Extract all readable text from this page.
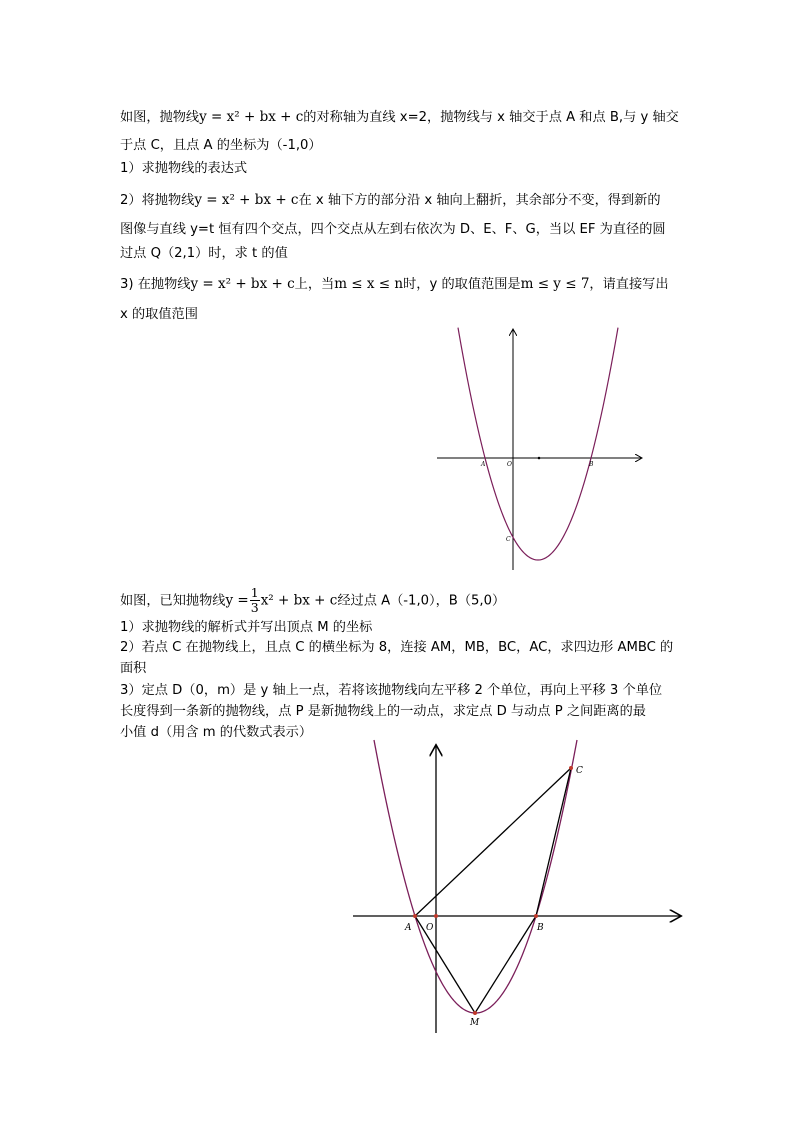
如图，抛物线y = x² + bx + c的对称轴为直线 x=2，抛物线与 x 轴交于点 A 和点 B,与 y 轴交
于点 C，且点 A 的坐标为（-1,0）
1）求抛物线的表达式
2）将抛物线y = x² + bx + c在 x 轴下方的部分沿 x 轴向上翻折，其余部分不变，得到新的
图像与直线 y=t 恒有四个交点，四个交点从左到右依次为 D、E、F、G，当以 EF 为直径的圆
过点 Q（2,1）时，求 t 的值
3) 在抛物线y = x² + bx + c上，当m ≤ x ≤ n时，y 的取值范围是m ≤ y ≤ 7，请直接写出
x 的取值范围
A	O	B
C
如图，已知抛物线$y = \frac{1}{3} x^2$ + bx + c经过点 A（-1,0），B（5,0）
1）求抛物线的解析式并写出顶点 M 的坐标
2）若点 C 在抛物线上，且点 C 的横坐标为 8，连接 AM，MB，BC，AC，求四边形 AMBC 的
面积
3）定点 D（0，m）是 y 轴上一点，若将该抛物线向左平移 2 个单位，再向上平移 3 个单位
长度得到一条新的抛物线，点 P 是新抛物线上的一动点，求定点 D 与动点 P 之间距离的最
小值 d（用含 m 的代数式表示）
A O	B
C
M
